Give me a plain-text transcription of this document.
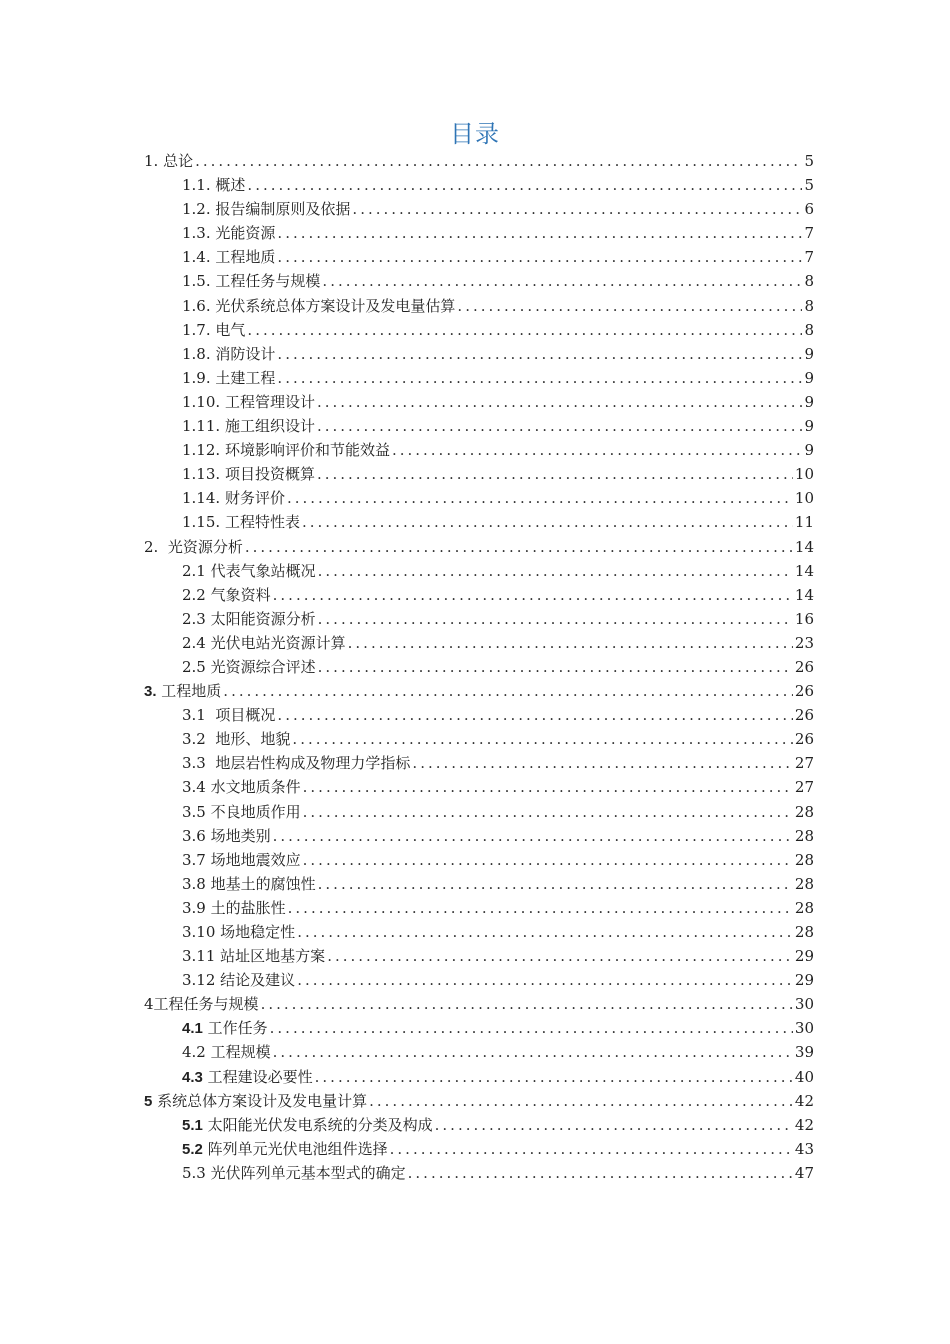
目录
1. 总论 .....	5
1.1. 概述 .....	5
1.2. 报告编制原则及依据 .....	6
1.3. 光能资源 .....	7
1.4. 工程地质 .....	7
1.5. 工程任务与规模 .....	8
1.6. 光伏系统总体方案设计及发电量估算 .....	8
1.7. 电气 .....	8
1.8. 消防设计 .....	9
1.9. 土建工程 .....	9
1.10. 工程管理设计 .....	9
1.11. 施工组织设计 .....	9
1.12. 环境影响评价和节能效益 .....	9
1.13. 项目投资概算 .....	10
1.14. 财务评价 .....	10
1.15. 工程特性表 .....	11
2. 光资源分析 .....	14
2.1 代表气象站概况 .....	14
2.2 气象资料 .....	14
2.3 太阳能资源分析 .....	16
2.4 光伏电站光资源计算 .....	23
2.5 光资源综合评述 .....	26
3. 工程地质 .....	26
3.1 项目概况 .....	26
3.2 地形、地貌 .....	26
3.3 地层岩性构成及物理力学指标 .....	27
3.4 水文地质条件 .....	27
3.5 不良地质作用 .....	28
3.6 场地类别 .....	28
3.7 场地地震效应 .....	28
3.8 地基土的腐蚀性 .....	28
3.9 土的盐胀性 .....	28
3.10 场地稳定性 .....	28
3.11 站址区地基方案 .....	29
3.12 结论及建议 .....	29
4 工程任务与规模 .....	30
4.1 工作任务 .....	30
4.2 工程规模 .....	39
4.3 工程建设必要性 .....	40
5 系统总体方案设计及发电量计算 .....	42
5.1 太阳能光伏发电系统的分类及构成 .....	42
5.2 阵列单元光伏电池组件选择 .....	43
5.3 光伏阵列单元基本型式的确定 .....	47
